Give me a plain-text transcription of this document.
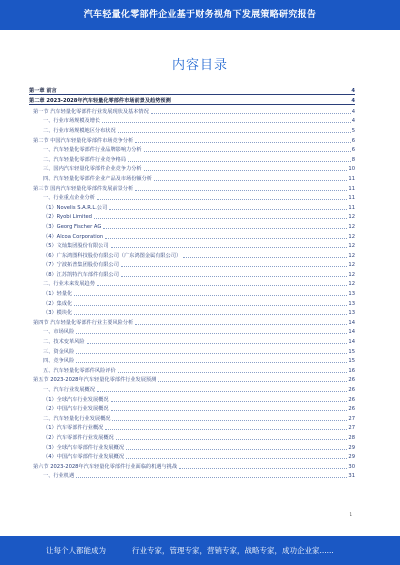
汽车轻量化零部件企业基于财务视角下发展策略研究报告
内容目录
第一章 前言	4
第二章 2023-2028年汽车轻量化零部件市场前景及趋势预测	4
第一节 汽车轻量化零部件行业发展现状及基本情况	4
一、行业市场规模及增长	4
二、行业市场规模地区分布状况	5
第二节 中国汽车轻量化零部件市场竞争分析	6
一、汽车轻量化零部件行业品牌影响力分析	6
二、汽车轻量化零部件行业竞争格局	8
三、国内汽车轻量化零部件企业竞争力分析	10
四、汽车轻量化零部件企业产品及市场份额分析	11
第三节 国内汽车轻量化零部件发展前景分析	11
一、行业重点企业分析	11
（1）Novelis S.A.R.L.公司	11
（2）Ryobi Limited	12
（3）Georg Fischer AG	12
（4）Alcoa Corporation	12
（5）文灿集团股份有限公司	12
（6）广东鸿图科技股份有限公司（广东鸿图金属有限公司）	12
（7）宁波拓普集团股份有限公司	12
（8）江苏凯特汽车部件有限公司	12
二、行业未来发展趋势	12
（1）轻量化	13
（2）集成化	13
（3）模块化	13
第四节 汽车轻量化零部件行业主要风险分析	14
一、市场风险	14
二、技术变革风险	14
三、资金风险	15
四、竞争风险	15
五、汽车轻量化零部件风险评价	16
第五节 2023-2028年汽车轻量化零部件行业发展预测	26
一、汽车行业发展概况	26
（1）全球汽车行业发展概况	26
（2）中国汽车行业发展概况	26
二、汽车轻量化行业发展概况	27
（1）汽车零部件行业概况	27
（2）汽车零部件行业发展概况	28
（3）全球汽车零部件行业发展概况	29
（4）中国汽车零部件行业发展概况	29
第六节 2023-2028年汽车轻量化零部件行业面临的机遇与挑战	30
一、行业机遇	31
1
让每个人都能成为	行业专家，管理专家，营销专家，战略专家，成功企业家......
